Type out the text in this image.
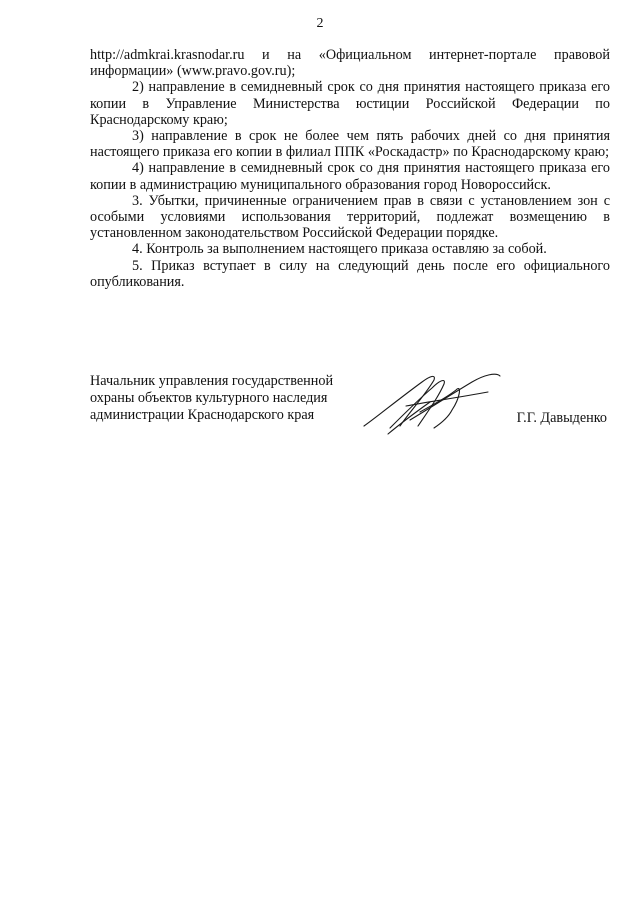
2

http://admkrai.krasnodar.ru и на «Официальном интернет-портале правовой информации» (www.pravo.gov.ru);

2) направление в семидневный срок со дня принятия настоящего приказа его копии в Управление Министерства юстиции Российской Федерации по Краснодарскому краю;

3) направление в срок не более чем пять рабочих дней со дня принятия настоящего приказа его копии в филиал ППК «Роскадастр» по Краснодарскому краю;

4) направление в семидневный срок со дня принятия настоящего приказа его копии в администрацию муниципального образования город Новороссийск.

3. Убытки, причиненные ограничением прав в связи с установлением зон с особыми условиями использования территорий, подлежат возмещению в установленном законодательством Российской Федерации порядке.

4. Контроль за выполнением настоящего приказа оставляю за собой.

5. Приказ вступает в силу на следующий день после его официального опубликования.

Начальник управления государственной
охраны объектов культурного наследия
администрации Краснодарского края	Г.Г. Давыденко
